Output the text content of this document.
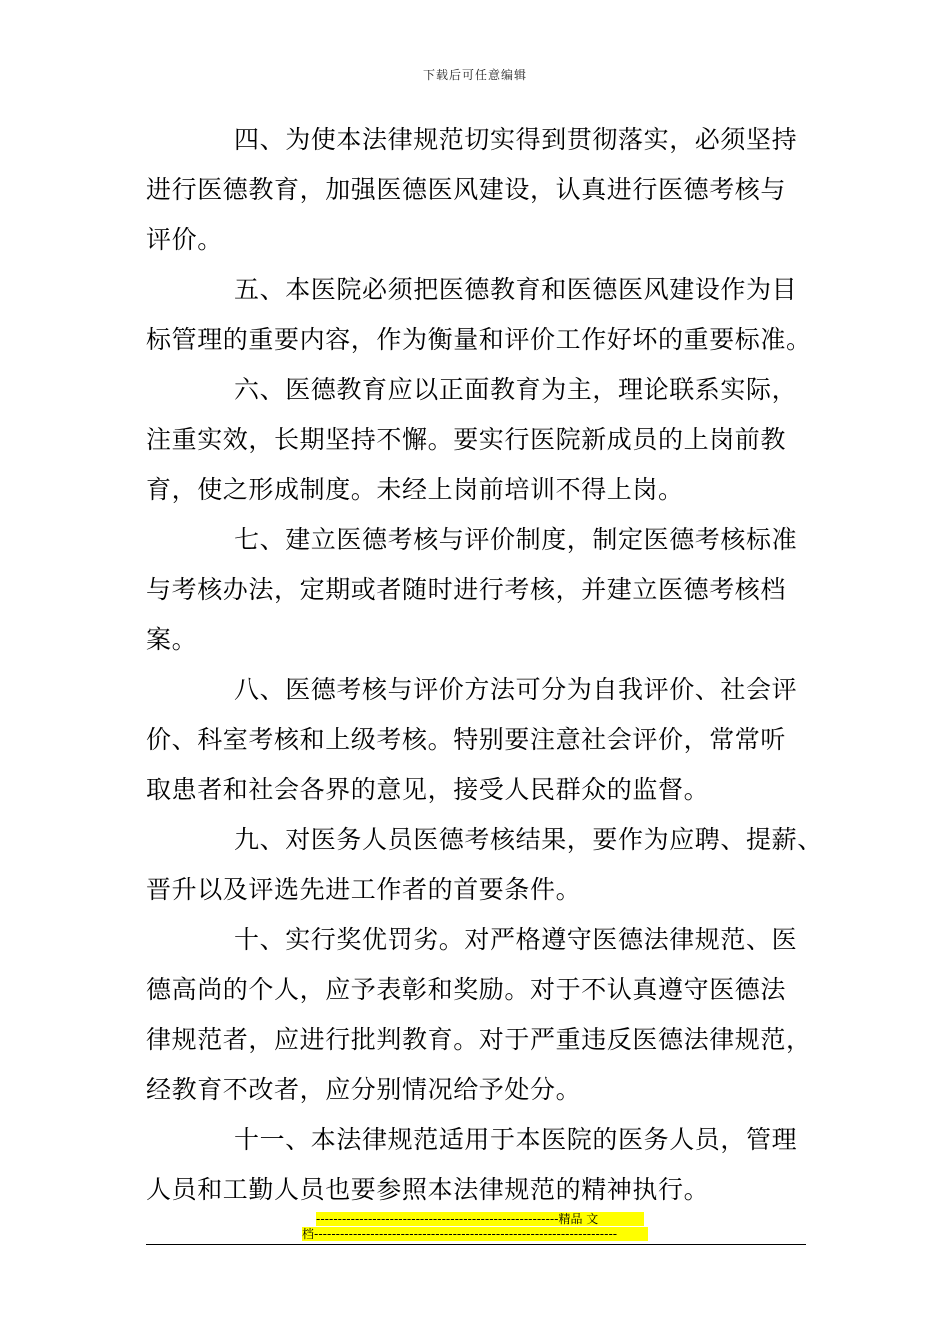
下载后可任意编辑
四、为使本法律规范切实得到贯彻落实，必须坚持
进行医德教育，加强医德医风建设，认真进行医德考核与
评价。
五、本医院必须把医德教育和医德医风建设作为目
标管理的重要内容，作为衡量和评价工作好坏的重要标准。
六、医德教育应以正面教育为主，理论联系实际，
注重实效，长期坚持不懈。要实行医院新成员的上岗前教
育，使之形成制度。未经上岗前培训不得上岗。
七、建立医德考核与评价制度，制定医德考核标准
与考核办法，定期或者随时进行考核，并建立医德考核档
案。
八、医德考核与评价方法可分为自我评价、社会评
价、科室考核和上级考核。特别要注意社会评价，常常听
取患者和社会各界的意见，接受人民群众的监督。
九、对医务人员医德考核结果，要作为应聘、提薪、
晋升以及评选先进工作者的首要条件。
十、实行奖优罚劣。对严格遵守医德法律规范、医
德高尚的个人，应予表彰和奖励。对于不认真遵守医德法
律规范者，应进行批判教育。对于严重违反医德法律规范，
经教育不改者，应分别情况给予处分。
十一、本法律规范适用于本医院的医务人员，管理
人员和工勤人员也要参照本法律规范的精神执行。
--------------------------------------------------------精品 文
档----------------------------------------------------------------------
